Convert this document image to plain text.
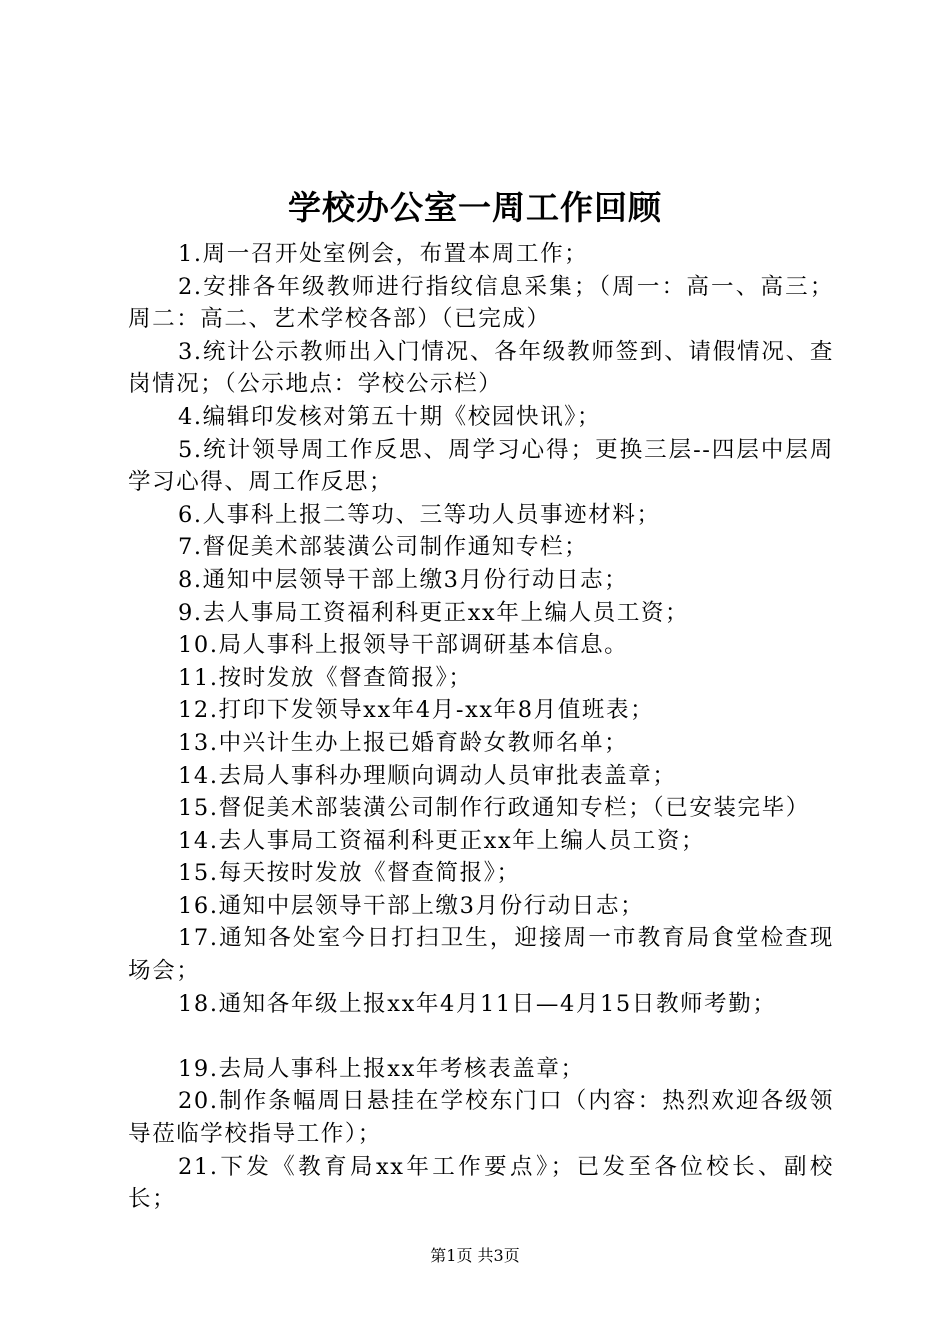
学校办公室一周工作回顾

1.周一召开处室例会，布置本周工作；

2.安排各年级教师进行指纹信息采集；（周一：高一、高三；周二：高二、艺术学校各部）（已完成）

3.统计公示教师出入门情况、各年级教师签到、请假情况、查岗情况；（公示地点：学校公示栏）

4.编辑印发核对第五十期《校园快讯》；

5.统计领导周工作反思、周学习心得；更换三层--四层中层周学习心得、周工作反思；

6.人事科上报二等功、三等功人员事迹材料；

7.督促美术部装潢公司制作通知专栏；

8.通知中层领导干部上缴3月份行动日志；

9.去人事局工资福利科更正xx年上编人员工资；

10.局人事科上报领导干部调研基本信息。

11.按时发放《督查简报》；

12.打印下发领导xx年4月-xx年8月值班表；

13.中兴计生办上报已婚育龄女教师名单；

14.去局人事科办理顺向调动人员审批表盖章；

15.督促美术部装潢公司制作行政通知专栏；（已安装完毕）

14.去人事局工资福利科更正xx年上编人员工资；

15.每天按时发放《督查简报》；

16.通知中层领导干部上缴3月份行动日志；

17.通知各处室今日打扫卫生，迎接周一市教育局食堂检查现场会；

18.通知各年级上报xx年4月11日—4月15日教师考勤；

19.去局人事科上报xx年考核表盖章；

20.制作条幅周日悬挂在学校东门口（内容：热烈欢迎各级领导莅临学校指导工作）；

21.下发《教育局xx年工作要点》；已发至各位校长、副校长；

第1页 共3页
